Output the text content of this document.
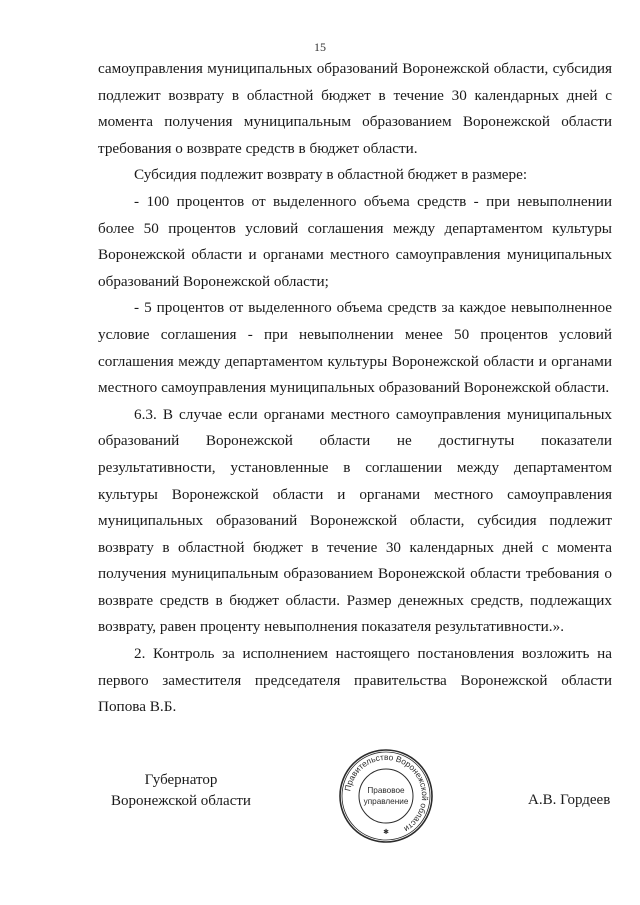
15

самоуправления муниципальных образований Воронежской области, субсидия подлежит возврату в областной бюджет в течение 30 календарных дней с момента получения муниципальным образованием Воронежской области требования о возврате средств в бюджет области.

Субсидия подлежит возврату в областной бюджет в размере:

- 100 процентов от выделенного объема средств - при невыполнении более 50 процентов условий соглашения между департаментом культуры Воронежской области и органами местного самоуправления муниципальных образований Воронежской области;

- 5 процентов от выделенного объема средств за каждое невыполненное условие соглашения - при невыполнении менее 50 процентов условий соглашения между департаментом культуры Воронежской области и органами местного самоуправления муниципальных образований Воронежской области.

6.3. В случае если органами местного самоуправления муниципальных образований Воронежской области не достигнуты показатели результативности, установленные в соглашении между департаментом культуры Воронежской области и органами местного самоуправления муниципальных образований Воронежской области, субсидия подлежит возврату в областной бюджет в течение 30 календарных дней с момента получения муниципальным образованием Воронежской области требования о возврате средств в бюджет области. Размер денежных средств, подлежащих возврату, равен проценту невыполнения показателя результативности.».

2. Контроль за исполнением настоящего постановления возложить на первого заместителя председателя правительства Воронежской области Попова В.Б.

Губернатор
Воронежской области
Правительство Воронежской области
Правовое
управление
✱
А.В. Гордеев
